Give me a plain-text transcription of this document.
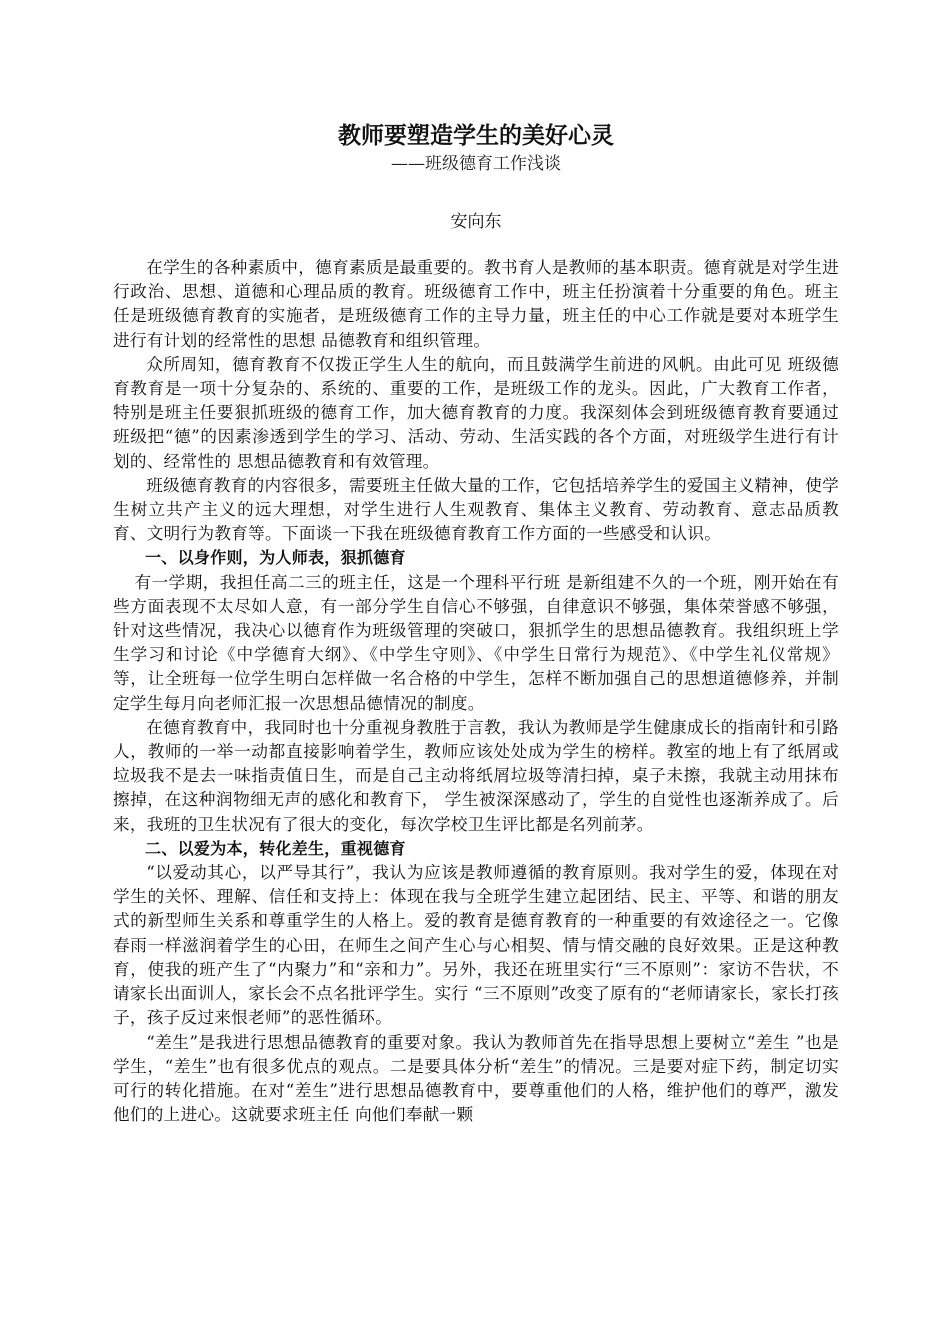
教师要塑造学生的美好心灵

——班级德育工作浅谈

安向东

在学生的各种素质中，德育素质是最重要的。教书育人是教师的基本职责。德育就是对学生进行政治、思想、道德和心理品质的教育。班级德育工作中，班主任扮演着十分重要的角色。班主任是班级德育教育的实施者，是班级德育工作的主导力量，班主任的中心工作就是要对本班学生进行有计划的经常性的思想 品德教育和组织管理。

众所周知，德育教育不仅拨正学生人生的航向，而且鼓满学生前进的风帆。由此可见 班级德育教育是一项十分复杂的、系统的、重要的工作，是班级工作的龙头。因此，广大教育工作者，特别是班主任要狠抓班级的德育工作，加大德育教育的力度。我深刻体会到班级德育教育要通过班级把“德”的因素渗透到学生的学习、活动、劳动、生活实践的各个方面，对班级学生进行有计划的、经常性的 思想品德教育和有效管理。

班级德育教育的内容很多，需要班主任做大量的工作，它包括培养学生的爱国主义精神，使学生树立共产主义的远大理想，对学生进行人生观教育、集体主义教育、劳动教育、意志品质教育、文明行为教育等。下面谈一下我在班级德育教育工作方面的一些感受和认识。

一、以身作则，为人师表，狠抓德育

有一学期，我担任高二三的班主任，这是一个理科平行班 是新组建不久的一个班，刚开始在有些方面表现不太尽如人意，有一部分学生自信心不够强，自律意识不够强，集体荣誉感不够强，针对这些情况，我决心以德育作为班级管理的突破口，狠抓学生的思想品德教育。我组织班上学生学习和讨论《中学德育大纲》、《中学生守则》、《中学生日常行为规范》、《中学生礼仪常规》等，让全班每一位学生明白怎样做一名合格的中学生，怎样不断加强自己的思想道德修养，并制定学生每月向老师汇报一次思想品德情况的制度。

在德育教育中，我同时也十分重视身教胜于言教，我认为教师是学生健康成长的指南针和引路人，教师的一举一动都直接影响着学生，教师应该处处成为学生的榜样。教室的地上有了纸屑或垃圾我不是去一味指责值日生，而是自己主动将纸屑垃圾等清扫掉，桌子未擦，我就主动用抹布擦掉，在这种润物细无声的感化和教育下， 学生被深深感动了，学生的自觉性也逐渐养成了。后来，我班的卫生状况有了很大的变化，每次学校卫生评比都是名列前茅。

二、以爱为本，转化差生，重视德育

“以爱动其心，以严导其行”，我认为应该是教师遵循的教育原则。我对学生的爱，体现在对学生的关怀、理解、信任和支持上：体现在我与全班学生建立起团结、民主、平等、和谐的朋友式的新型师生关系和尊重学生的人格上。爱的教育是德育教育的一种重要的有效途径之一。它像春雨一样滋润着学生的心田，在师生之间产生心与心相契、情与情交融的良好效果。正是这种教育，使我的班产生了“内聚力”和“亲和力”。另外，我还在班里实行“三不原则”：家访不告状，不请家长出面训人，家长会不点名批评学生。实行 “三不原则”改变了原有的“老师请家长，家长打孩子，孩子反过来恨老师”的恶性循环。

“差生”是我进行思想品德教育的重要对象。我认为教师首先在指导思想上要树立“差生 ”也是学生，“差生”也有很多优点的观点。二是要具体分析“差生”的情况。三是要对症下药，制定切实可行的转化措施。在对“差生”进行思想品德教育中，要尊重他们的人格，维护他们的尊严，激发他们的上进心。这就要求班主任 向他们奉献一颗
